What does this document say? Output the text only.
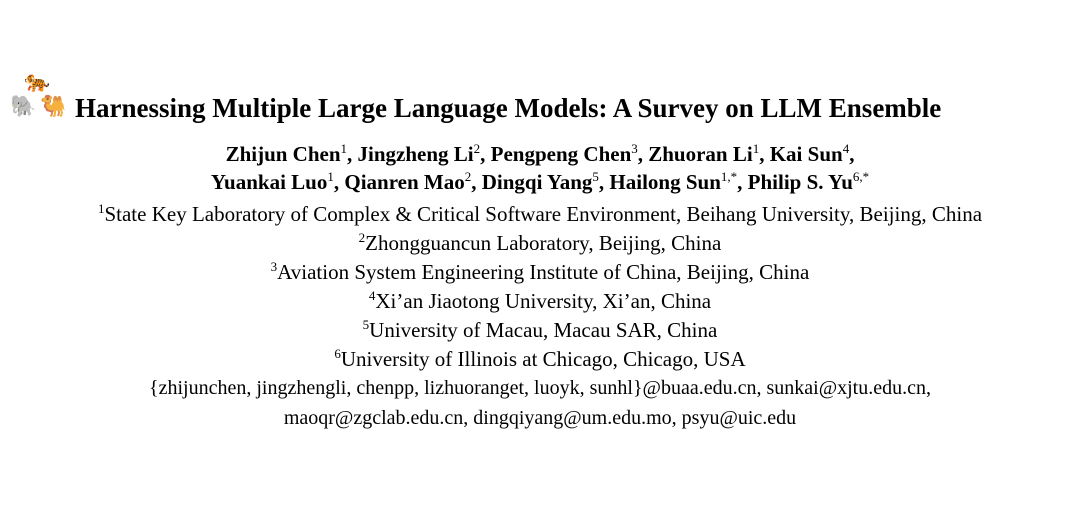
🐅
🐘 🐫 Harnessing Multiple Large Language Models: A Survey on LLM Ensemble
Zhijun Chen$^1$, Jingzheng Li$^2$, Pengpeng Chen$^3$, Zhuoran Li$^1$, Kai Sun$^4$,
Yuankai Luo$^1$, Qianren Mao$^2$, Dingqi Yang$^5$, Hailong Sun$^{1,*}$, Philip S. $Yu^{6,*}$
$^1$State Key Laboratory of Complex & Critical Software Environment, Beihang University, Beijing, China
$^2$Zhongguancun Laboratory, Beijing, China
$^3$Aviation System Engineering Institute of China, Beijing, China
$^4$Xi’an Jiaotong University, Xi’an, China
$^5$University of Macau, Macau SAR, China
$^6$University of Illinois at Chicago, Chicago, USA
{zhijunchen, jingzhengli, chenpp, lizhuoranget, luoyk, sunhl}@buaa.edu.cn, sunkai@xjtu.edu.cn,
maoqr@zgclab.edu.cn, dingqiyang@um.edu.mo, psyu@uic.edu
